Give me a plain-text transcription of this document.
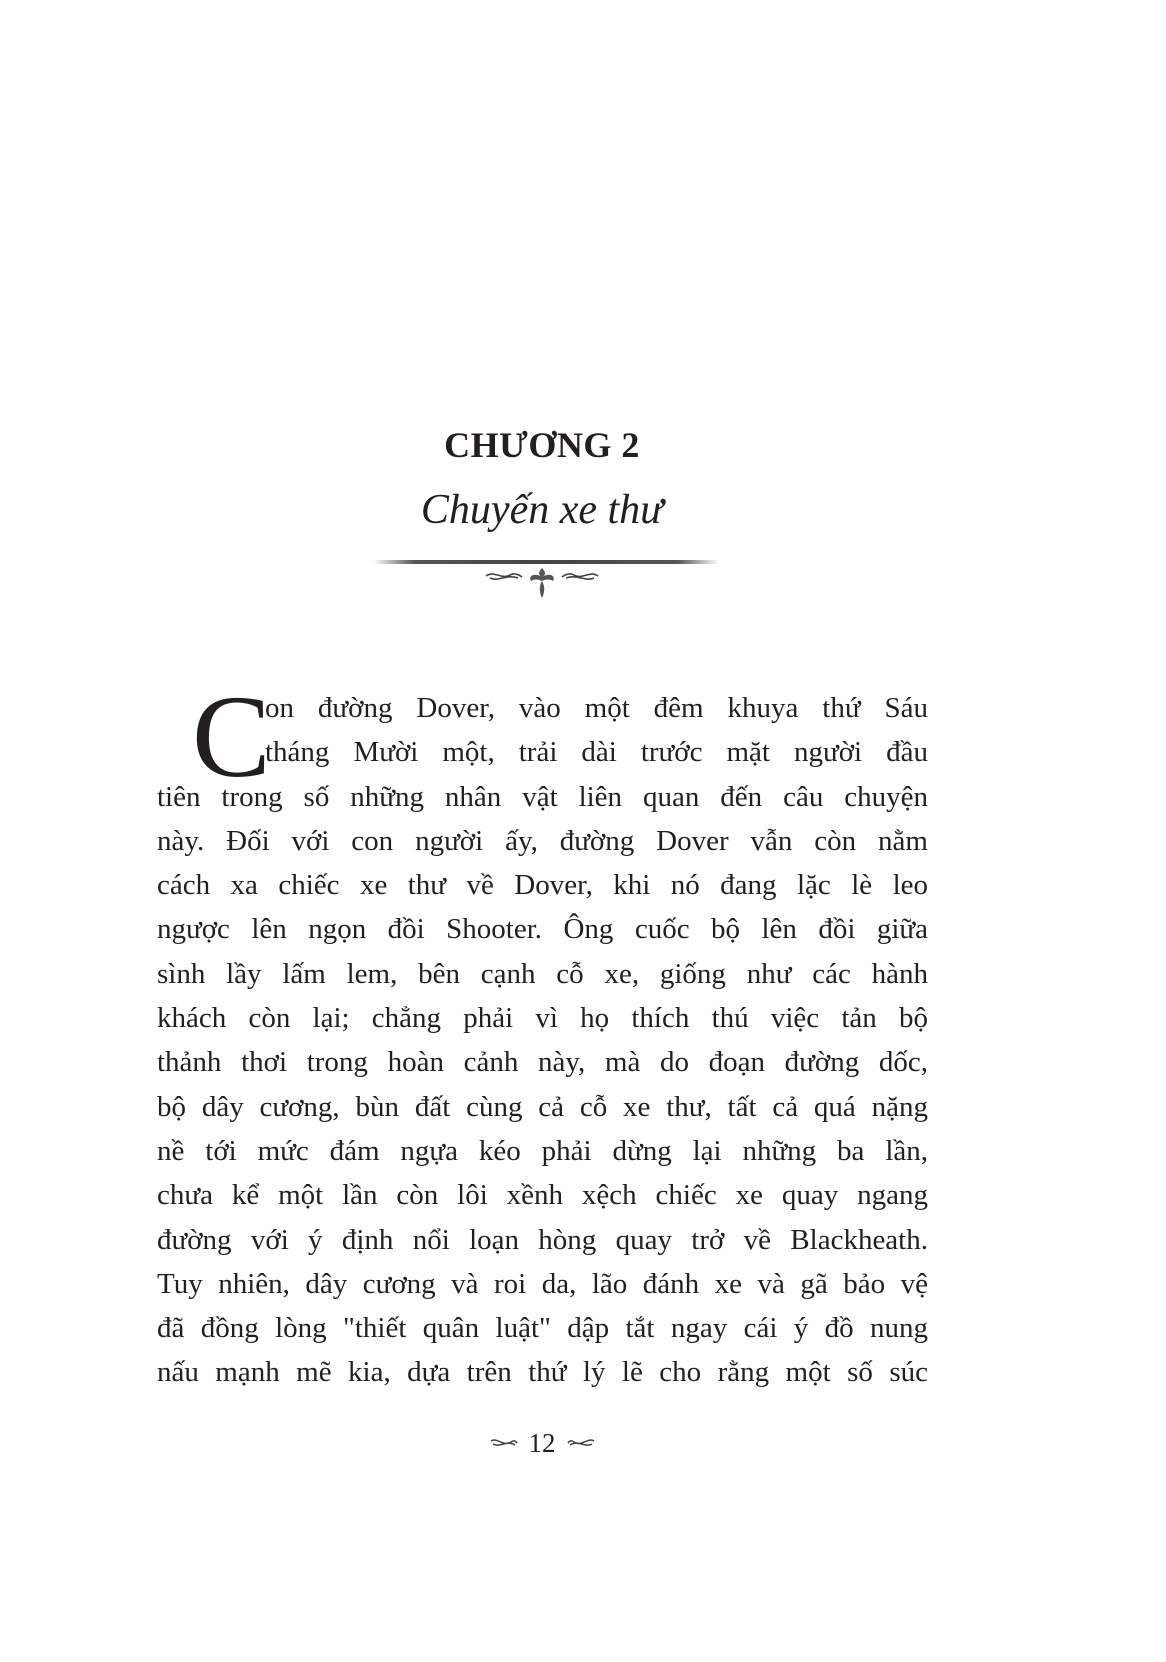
CHƯƠNG 2
Chuyến xe thư
C
on đường Dover, vào một đêm khuya thứ Sáu
tháng Mười một, trải dài trước mặt người đầu
tiên trong số những nhân vật liên quan đến câu chuyện
này. Đối với con người ấy, đường Dover vẫn còn nằm
cách xa chiếc xe thư về Dover, khi nó đang lặc lè leo
ngược lên ngọn đồi Shooter. Ông cuốc bộ lên đồi giữa
sình lầy lấm lem, bên cạnh cỗ xe, giống như các hành
khách còn lại; chẳng phải vì họ thích thú việc tản bộ
thảnh thơi trong hoàn cảnh này, mà do đoạn đường dốc,
bộ dây cương, bùn đất cùng cả cỗ xe thư, tất cả quá nặng
nề tới mức đám ngựa kéo phải dừng lại những ba lần,
chưa kể một lần còn lôi xềnh xệch chiếc xe quay ngang
đường với ý định nổi loạn hòng quay trở về Blackheath.
Tuy nhiên, dây cương và roi da, lão đánh xe và gã bảo vệ
đã đồng lòng "thiết quân luật" dập tắt ngay cái ý đồ nung
nấu mạnh mẽ kia, dựa trên thứ lý lẽ cho rằng một số súc
12
